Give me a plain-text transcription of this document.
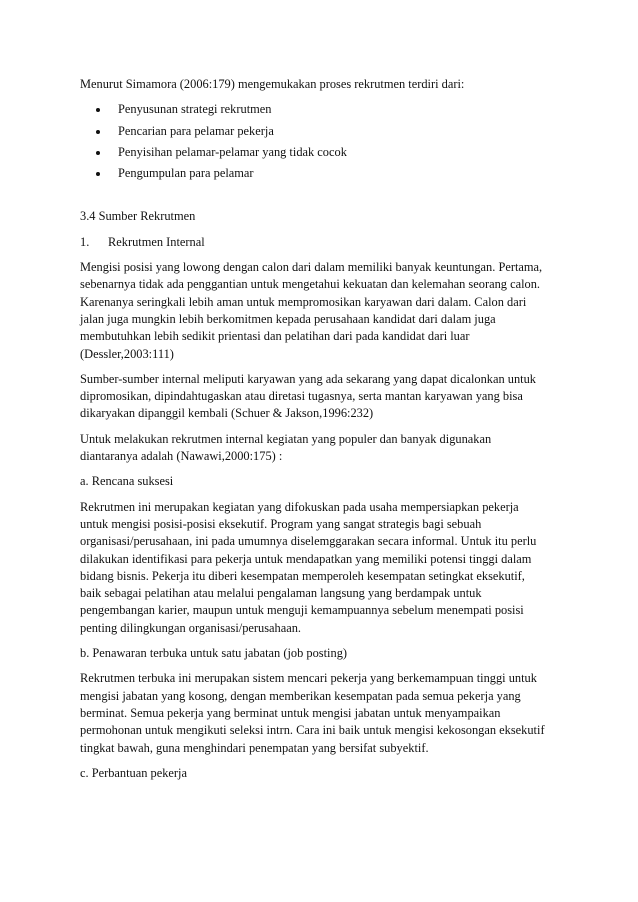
Menurut Simamora (2006:179) mengemukakan proses rekrutmen terdiri dari:

Penyusunan strategi rekrutmen
Pencarian para pelamar pekerja
Penyisihan pelamar-pelamar yang tidak cocok
Pengumpulan para pelamar

3.4 Sumber Rekrutmen

1.	Rekrutmen Internal
Mengisi posisi yang lowong dengan calon dari dalam memiliki banyak keuntungan. Pertama,
sebenarnya tidak ada penggantian untuk mengetahui kekuatan dan kelemahan seorang calon.
Karenanya seringkali lebih aman untuk mempromosikan karyawan dari dalam. Calon dari
jalan juga mungkin lebih berkomitmen kepada perusahaan kandidat dari dalam juga
membutuhkan lebih sedikit prientasi dan pelatihan dari pada kandidat dari luar
(Dessler,2003:111)
Sumber-sumber internal meliputi karyawan yang ada sekarang yang dapat dicalonkan untuk
dipromosikan, dipindahtugaskan atau diretasi tugasnya, serta mantan karyawan yang bisa
dikaryakan dipanggil kembali (Schuer & Jakson,1996:232)
Untuk melakukan rekrutmen internal kegiatan yang populer dan banyak digunakan
diantaranya adalah (Nawawi,2000:175) :

a. Rencana suksesi

Rekrutmen ini merupakan kegiatan yang difokuskan pada usaha mempersiapkan pekerja
untuk mengisi posisi-posisi eksekutif. Program yang sangat strategis bagi sebuah
organisasi/perusahaan, ini pada umumnya diselemggarakan secara informal. Untuk itu perlu
dilakukan identifikasi para pekerja untuk mendapatkan yang memiliki potensi tinggi dalam
bidang bisnis. Pekerja itu diberi kesempatan memperoleh kesempatan setingkat eksekutif,
baik sebagai pelatihan atau melalui pengalaman langsung yang berdampak untuk
pengembangan karier, maupun untuk menguji kemampuannya sebelum menempati posisi
penting dilingkungan organisasi/perusahaan.

b. Penawaran terbuka untuk satu jabatan (job posting)

Rekrutmen terbuka ini merupakan sistem mencari pekerja yang berkemampuan tinggi untuk
mengisi jabatan yang kosong, dengan memberikan kesempatan pada semua pekerja yang
berminat. Semua pekerja yang berminat untuk mengisi jabatan untuk menyampaikan
permohonan untuk mengikuti seleksi intrn. Cara ini baik untuk mengisi kekosongan eksekutif
tingkat bawah, guna menghindari penempatan yang bersifat subyektif.

c. Perbantuan pekerja
